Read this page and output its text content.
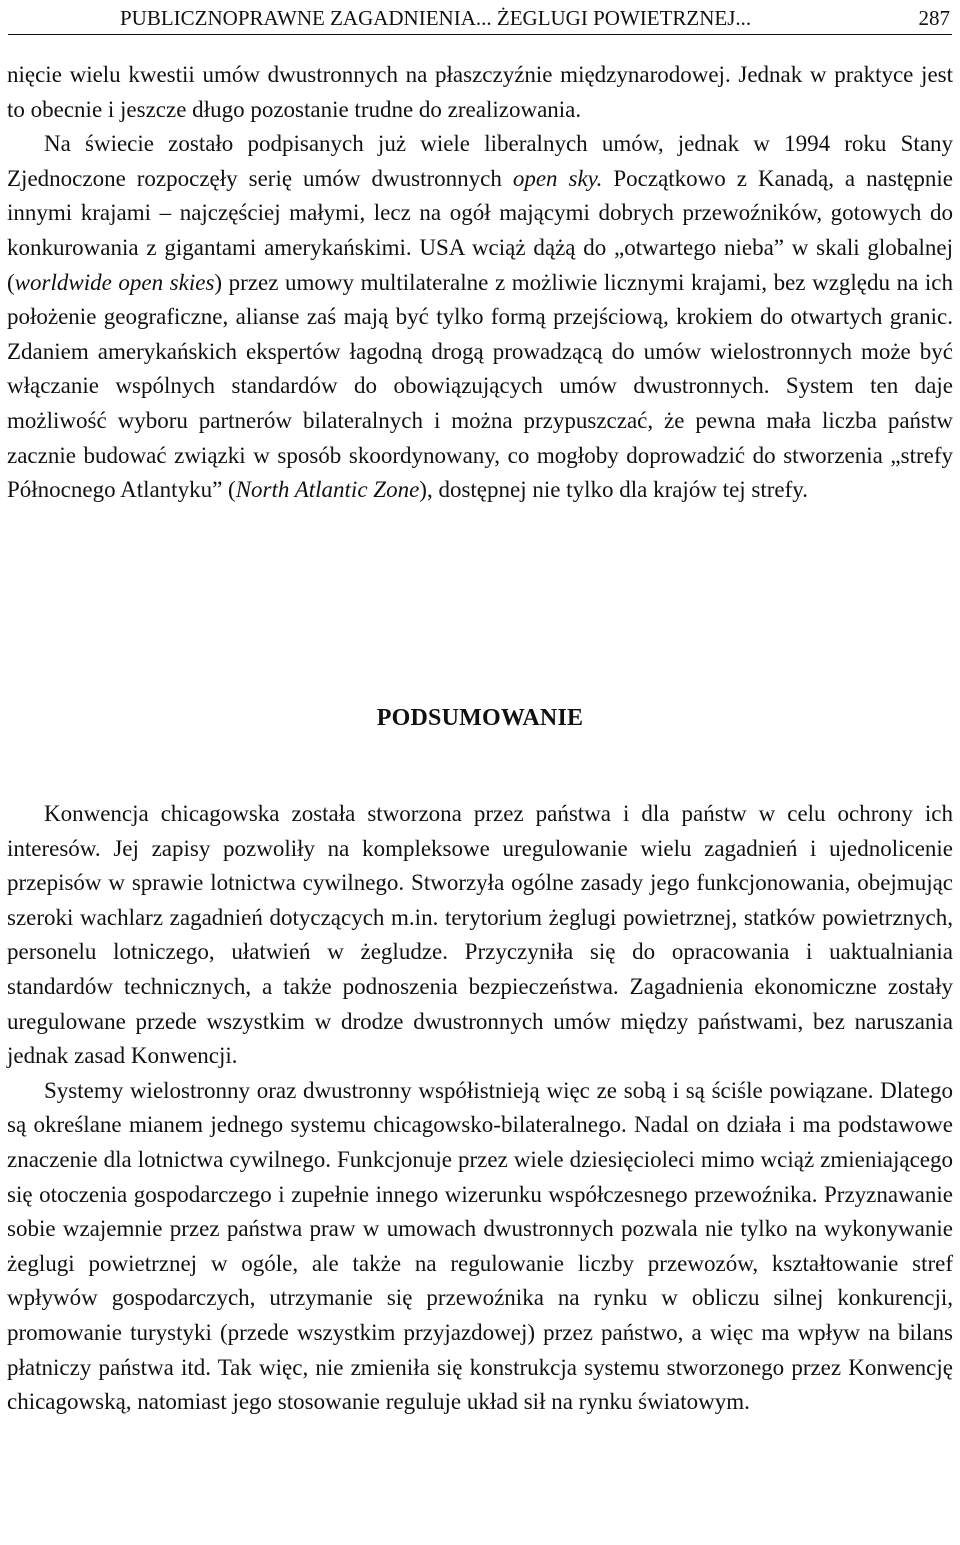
PUBLICZNOPRAWNE ZAGADNIENIA... ŻEGLUGI POWIETRZNEJ...	287

nięcie wielu kwestii umów dwustronnych na płaszczyźnie międzynarodowej. Jednak w praktyce jest to obecnie i jeszcze długo pozostanie trudne do zrealizowania.

Na świecie zostało podpisanych już wiele liberalnych umów, jednak w 1994 roku Stany Zjednoczone rozpoczęły serię umów dwustronnych open sky. Początkowo z Kanadą, a następnie innymi krajami – najczęściej małymi, lecz na ogół mającymi dobrych przewoźników, gotowych do konkurowania z gigantami amerykańskimi. USA wciąż dążą do „otwartego nieba” w skali globalnej (worldwide open skies) przez umowy multilateralne z możliwie licznymi krajami, bez względu na ich położenie geograficzne, alianse zaś mają być tylko formą przejściową, krokiem do otwartych granic. Zdaniem amerykańskich ekspertów łagodną drogą prowadzącą do umów wielostronnych może być włączanie wspólnych standardów do obowiązujących umów dwustronnych. System ten daje możliwość wyboru partnerów bilateralnych i można przypuszczać, że pewna mała liczba państw zacznie budować związki w sposób skoordynowany, co mogłoby doprowadzić do stworzenia „strefy Północnego Atlantyku” (North Atlantic Zone), dostępnej nie tylko dla krajów tej strefy.

PODSUMOWANIE

Konwencja chicagowska została stworzona przez państwa i dla państw w celu ochrony ich interesów. Jej zapisy pozwoliły na kompleksowe uregulowanie wielu zagadnień i ujednolicenie przepisów w sprawie lotnictwa cywilnego. Stworzyła ogólne zasady jego funkcjonowania, obejmując szeroki wachlarz zagadnień dotyczących m.in. terytorium żeglugi powietrznej, statków powietrznych, personelu lotniczego, ułatwień w żegludze. Przyczyniła się do opracowania i uaktualniania standardów technicznych, a także podnoszenia bezpieczeństwa. Zagadnienia ekonomiczne zostały uregulowane przede wszystkim w drodze dwustronnych umów między państwami, bez naruszania jednak zasad Konwencji.

Systemy wielostronny oraz dwustronny współistnieją więc ze sobą i są ściśle powiązane. Dlatego są określane mianem jednego systemu chicagowsko-bilateralnego. Nadal on działa i ma podstawowe znaczenie dla lotnictwa cywilnego. Funkcjonuje przez wiele dziesięcioleci mimo wciąż zmieniającego się otoczenia gospodarczego i zupełnie innego wizerunku współczesnego przewoźnika. Przyznawanie sobie wzajemnie przez państwa praw w umowach dwustronnych pozwala nie tylko na wykonywanie żeglugi powietrznej w ogóle, ale także na regulowanie liczby przewozów, kształtowanie stref wpływów gospodarczych, utrzymanie się przewoźnika na rynku w obliczu silnej konkurencji, promowanie turystyki (przede wszystkim przyjazdowej) przez państwo, a więc ma wpływ na bilans płatniczy państwa itd. Tak więc, nie zmieniła się konstrukcja systemu stworzonego przez Konwencję chicagowską, natomiast jego stosowanie reguluje układ sił na rynku światowym.
